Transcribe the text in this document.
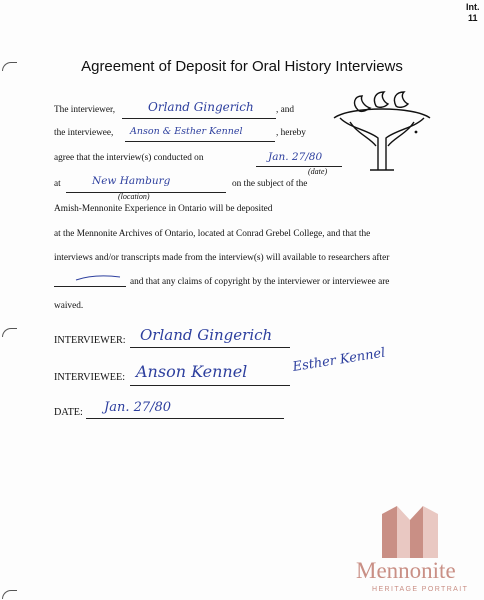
Int.
11
Agreement of Deposit for Oral History Interviews
The interviewer,	Orland Gingerich , and
the interviewee, Anson & Esther Kennel	, hereby
agree that the interview(s) conducted on	Jan. 27/80
(date)
at	New Hamburg
(location)
on the subject of the
Amish-Mennonite Experience in Ontario will be deposited
at the Mennonite Archives of Ontario, located at Conrad Grebel College, and that the
interviews and/or transcripts made from the interview(s) will available to researchers after
and that any claims of copyright by the interviewer or interviewee are
waived.
INTERVIEWER: Orland Gingerich
INTERVIEWEE: Anson Kennel	Esther Kennel
DATE: Jan. 27/80
Mennonite
HERITAGE PORTRAIT
